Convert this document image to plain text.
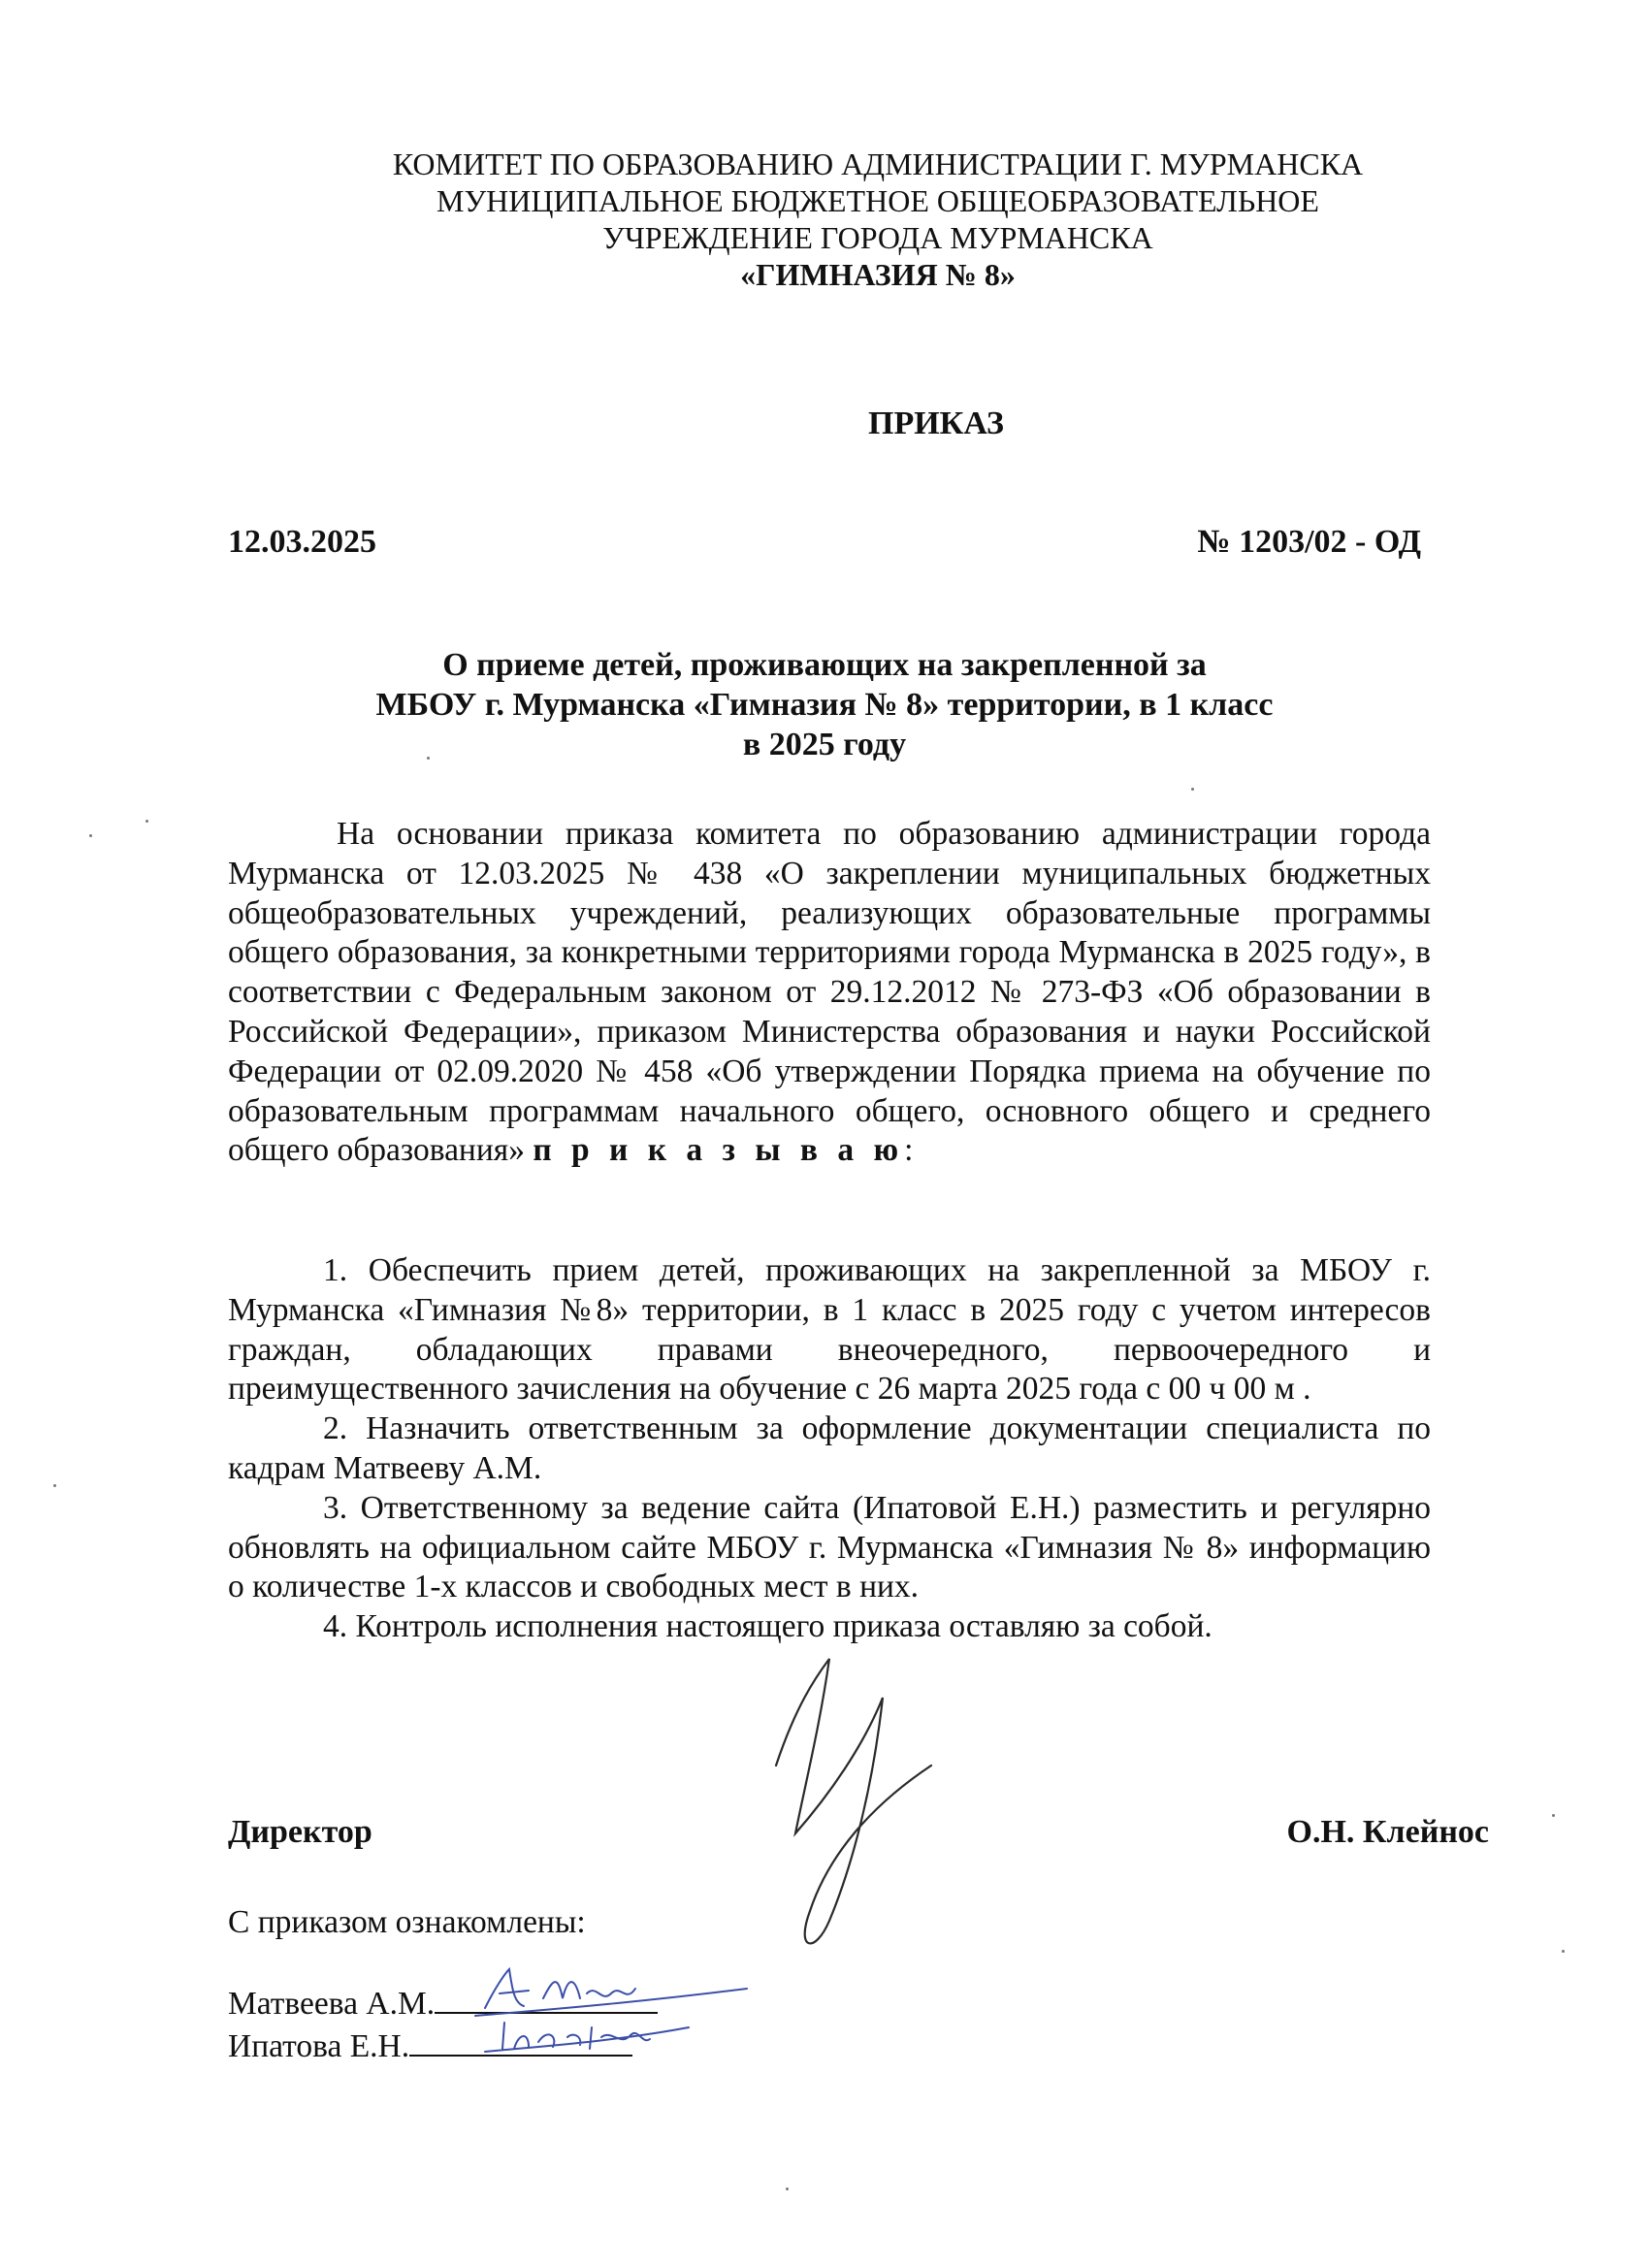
КОМИТЕТ ПО ОБРАЗОВАНИЮ АДМИНИСТРАЦИИ Г. МУРМАНСКА
МУНИЦИПАЛЬНОЕ БЮДЖЕТНОЕ ОБЩЕОБРАЗОВАТЕЛЬНОЕ
УЧРЕЖДЕНИЕ ГОРОДА МУРМАНСКА
«ГИМНАЗИЯ № 8»
ПРИКАЗ
12.03.2025	№ 1203/02 - ОД
О приеме детей, проживающих на закрепленной за
МБОУ г. Мурманска «Гимназия № 8» территории, в 1 класс
в 2025 году

На основании приказа комитета по образованию администрации города Мурманска от 12.03.2025 № 438 «О закреплении муниципальных бюджетных общеобразовательных учреждений, реализующих образовательные программы общего образования, за конкретными территориями города Мурманска в 2025 году», в соответствии с Федеральным законом от 29.12.2012 № 273-ФЗ «Об образовании в Российской Федерации», приказом Министерства образования и науки Российской Федерации от 02.09.2020 № 458 «Об утверждении Порядка приема на обучение по образовательным программам начального общего, основного общего и среднего общего образования» п р и к а з ы в а ю:

1. Обеспечить прием детей, проживающих на закрепленной за МБОУ г. Мурманска «Гимназия №8» территории, в 1 класс в 2025 году с учетом интересов граждан, обладающих правами внеочередного, первоочередного и преимущественного зачисления на обучение с 26 марта 2025 года с 00 ч 00 м .

2. Назначить ответственным за оформление документации специалиста по кадрам Матвееву А.М.

3. Ответственному за ведение сайта (Ипатовой Е.Н.) разместить и регулярно обновлять на официальном сайте МБОУ г. Мурманска «Гимназия № 8» информацию о количестве 1-х классов и свободных мест в них.

4. Контроль исполнения настоящего приказа оставляю за собой.

Директор	О.Н. Клейнос
С приказом ознакомлены:
Матвеева А.М.
Ипатова Е.Н.
